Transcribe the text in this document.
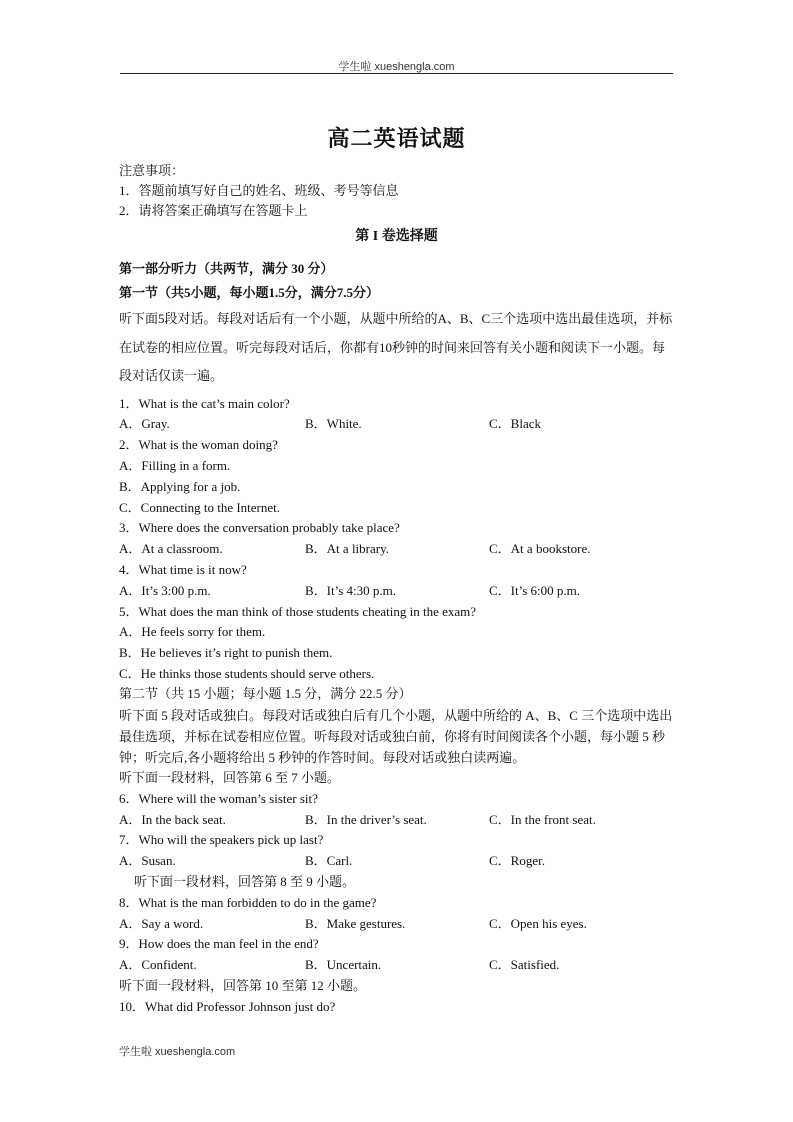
学生啦 xueshengla.com
高二英语试题
注意事项：
1．答题前填写好自己的姓名、班级、考号等信息
2．请将答案正确填写在答题卡上
第 I 卷选择题
第一部分听力（共两节，满分 30 分）
第一节（共5小题，每小题1.5分，满分7.5分）
听下面5段对话。每段对话后有一个小题，从题中所给的A、B、C三个选项中选出最佳选项，并标在试卷的相应位置。听完每段对话后，你都有10秒钟的时间来回答有关小题和阅读下一小题。每段对话仅读一遍。
1．What is the cat’s main color?
A．Gray.	B．White.	C．Black
2．What is the woman doing?
A．Filling in a form.
B．Applying for a job.
C．Connecting to the Internet.
3．Where does the conversation probably take place?
A．At a classroom.	B．At a library.	C．At a bookstore.
4．What time is it now?
A．It’s 3:00 p.m.	B．It’s 4:30 p.m.	C．It’s 6:00 p.m.
5．What does the man think of those students cheating in the exam?
A．He feels sorry for them.
B．He believes it’s right to punish them.
C．He thinks those students should serve others.
第二节（共 15 小题；每小题 1.5 分，满分 22.5 分）
听下面 5 段对话或独白。每段对话或独白后有几个小题，从题中所给的 A、B、C 三个选项中选出最佳选项，并标在试卷相应位置。听每段对话或独白前，你将有时间阅读各个小题，每小题 5 秒钟；听完后,各小题将给出 5 秒钟的作答时间。每段对话或独白读两遍。
听下面一段材料，回答第 6 至 7 小题。
6．Where will the woman’s sister sit?
A．In the back seat.	B．In the driver’s seat.	C．In the front seat.
7．Who will the speakers pick up last?
A．Susan.	B．Carl.	C．Roger.
听下面一段材料，回答第 8 至 9 小题。
8．What is the man forbidden to do in the game?
A．Say a word.	B．Make gestures.	C．Open his eyes.
9．How does the man feel in the end?
A．Confident.	B．Uncertain.	C．Satisfied.
听下面一段材料，回答第 10 至第 12 小题。
10．What did Professor Johnson just do?
学生啦 xueshengla.com
